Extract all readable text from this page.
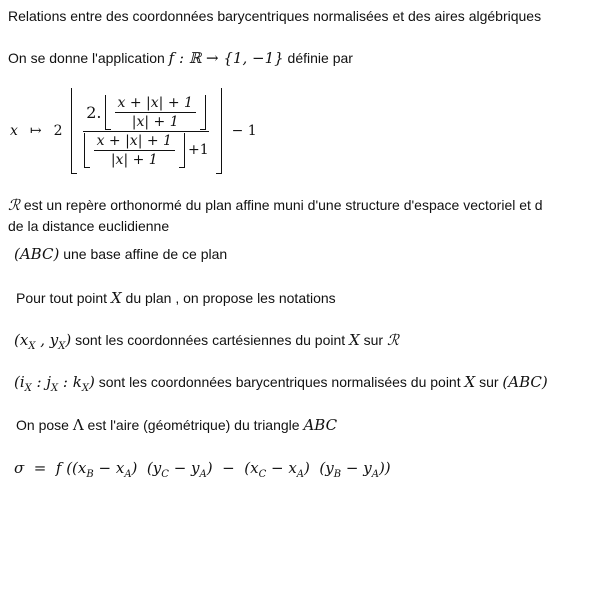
Relations entre des coordonnées barycentriques normalisées et des aires algébriques
On se donne l'application f : ℝ → {1, −1} définie par
x ↦ $2 \frac{2. \frac{x + |x| + 1}{|x| + 1}}{\frac{x + |x| + 1}{|x| + 1} +1} - 1$
ℛ est un repère orthonormé du plan affine muni d'une structure d'espace vectoriel et d
de la distance euclidienne
(ABC) une base affine de ce plan
Pour tout point X du plan , on propose les notations
($x_X$ , $y_X$) sont les coordonnées cartésiennes du point X sur ℛ
($i_X$ : $j_X$ : $k_X$) sont les coordonnées barycentriques normalisées du point X sur (ABC)
On pose Λ est l'aire (géométrique) du triangle ABC
σ  =  f $((x_B - x_A) (y_C - y_A) - (x_C - x_A) (y_B - y_A))$
